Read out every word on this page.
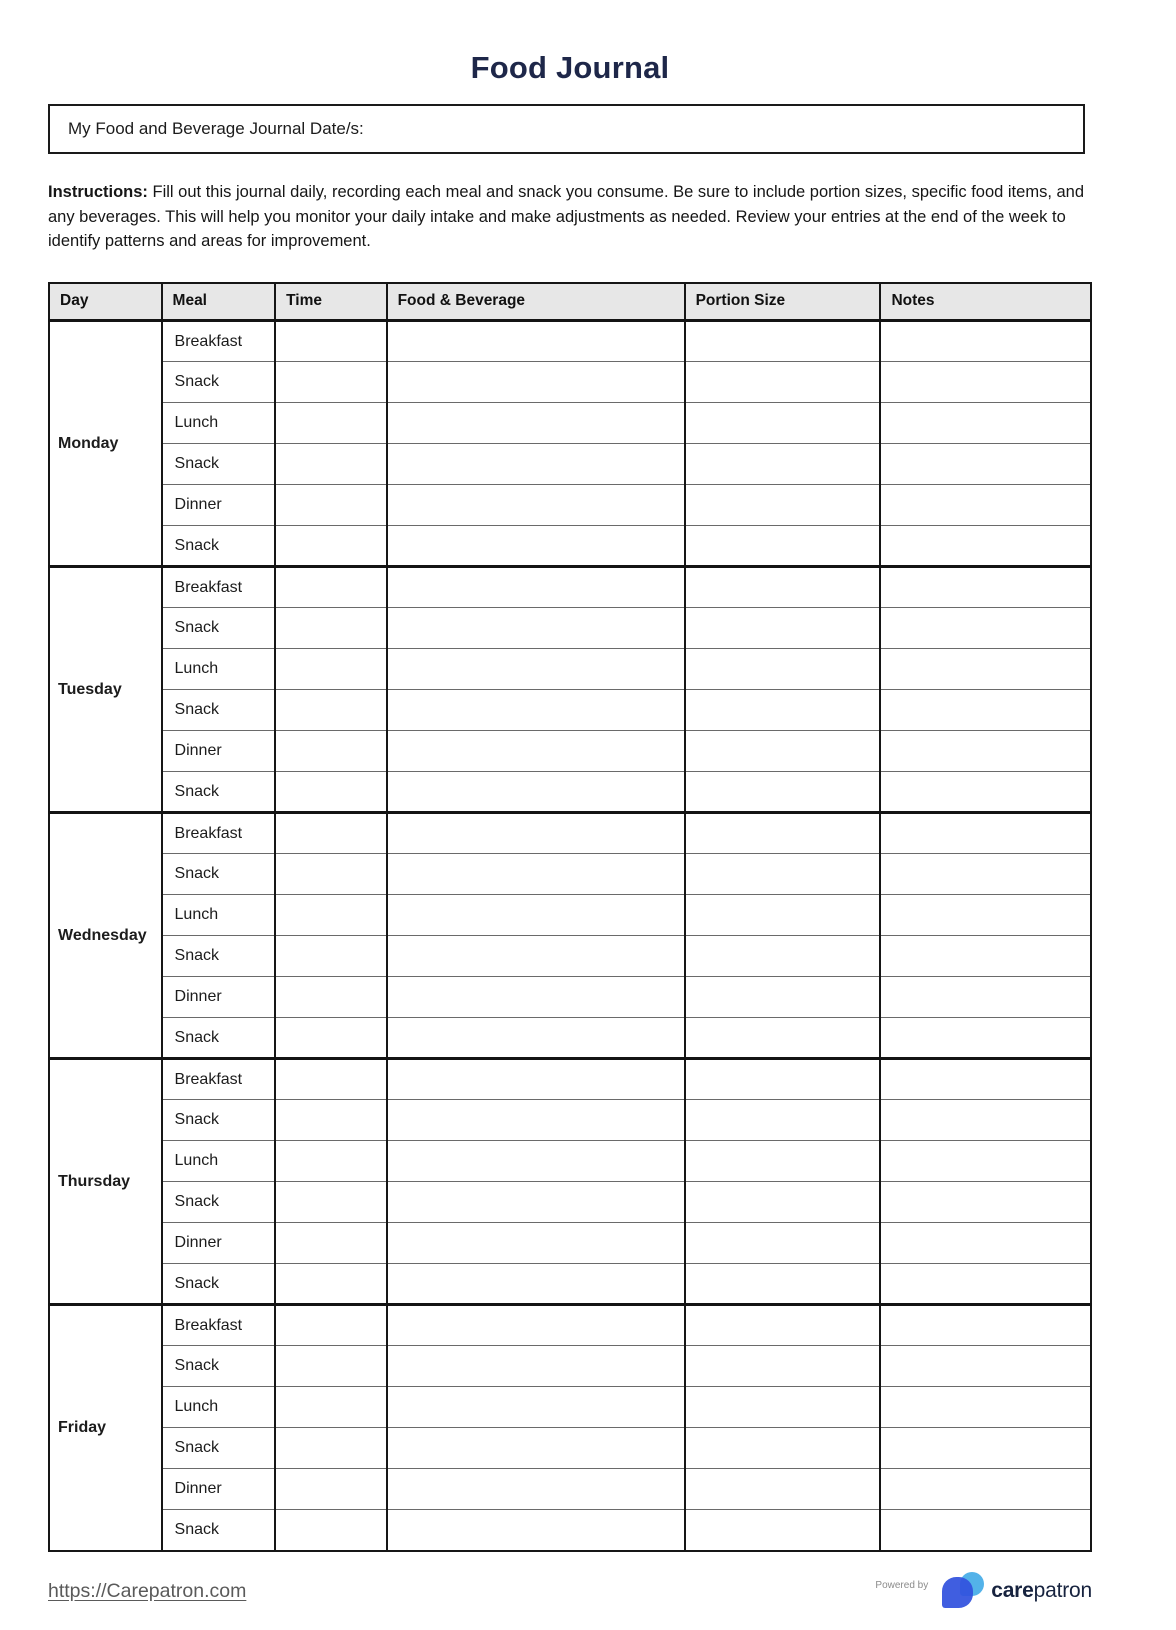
Food Journal
My Food and Beverage Journal Date/s:
Instructions: Fill out this journal daily, recording each meal and snack you consume. Be sure to include portion sizes, specific food items, and any beverages. This will help you monitor your daily intake and make adjustments as needed. Review your entries at the end of the week to identify patterns and areas for improvement.
Day	Meal	Time	Food & Beverage	Portion Size	Notes
Monday	Breakfast				
	Snack				
	Lunch				
	Snack				
	Dinner				
	Snack				
Tuesday	Breakfast				
	Snack				
	Lunch				
	Snack				
	Dinner				
	Snack				
Wednesday	Breakfast				
	Snack				
	Lunch				
	Snack				
	Dinner				
	Snack				
Thursday	Breakfast				
	Snack				
	Lunch				
	Snack				
	Dinner				
	Snack				
Friday	Breakfast				
	Snack				
	Lunch				
	Snack				
	Dinner				
	Snack				
https://Carepatron.com	Powered by	carepatron
